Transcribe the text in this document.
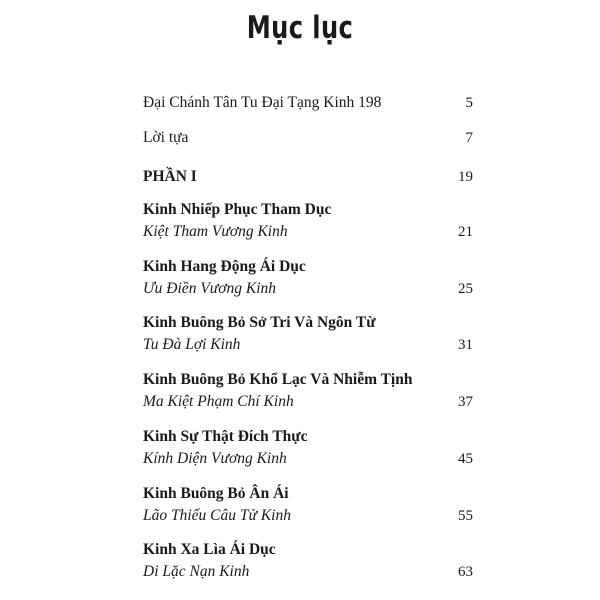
Mục lục
Đại Chánh Tân Tu Đại Tạng Kinh 198	5
Lời tựa	7
PHẦN I	19
Kinh Nhiếp Phục Tham Dục
Kiệt Tham Vương Kinh	21
Kinh Hang Động Ái Dục
Ưu Điền Vương Kinh	25
Kinh Buông Bỏ Sở Tri Và Ngôn Từ
Tu Đà Lợi Kinh	31
Kinh Buông Bỏ Khổ Lạc Và Nhiễm Tịnh
Ma Kiệt Phạm Chí Kinh	37
Kinh Sự Thật Đích Thực
Kính Diện Vương Kinh	45
Kinh Buông Bỏ Ân Ái
Lão Thiếu Câu Tử Kinh	55
Kinh Xa Lìa Ái Dục
Di Lặc Nạn Kinh	63
